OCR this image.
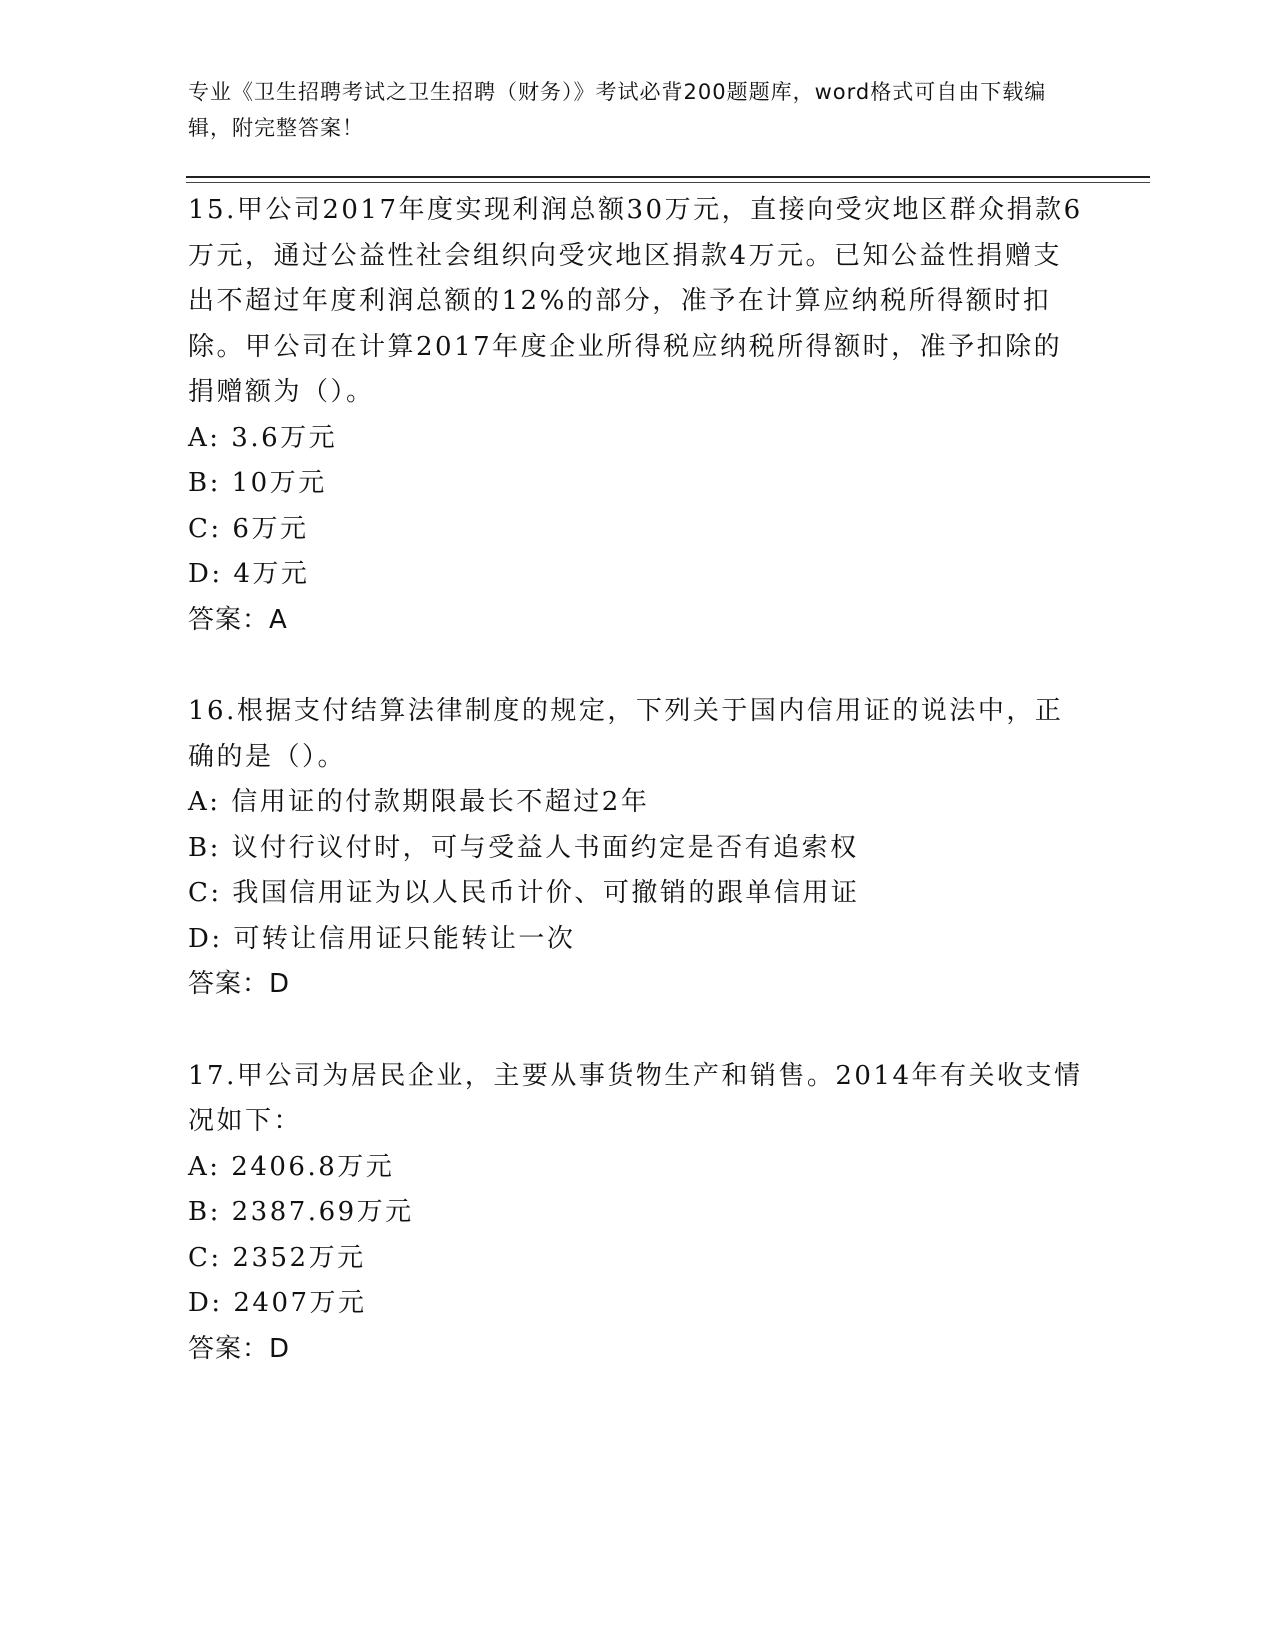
专业《卫生招聘考试之卫生招聘（财务）》考试必背200题题库，word格式可自由下载编辑，附完整答案！

15.甲公司2017年度实现利润总额30万元，直接向受灾地区群众捐款6万元，通过公益性社会组织向受灾地区捐款4万元。已知公益性捐赠支出不超过年度利润总额的12%的部分，准予在计算应纳税所得额时扣除。甲公司在计算2017年度企业所得税应纳税所得额时，准予扣除的捐赠额为（）。

A: 3.6万元

B: 10万元

C: 6万元

D: 4万元

答案：A

16.根据支付结算法律制度的规定，下列关于国内信用证的说法中，正确的是（）。

A: 信用证的付款期限最长不超过2年

B: 议付行议付时，可与受益人书面约定是否有追索权

C: 我国信用证为以人民币计价、可撤销的跟单信用证

D: 可转让信用证只能转让一次

答案：D

17.甲公司为居民企业，主要从事货物生产和销售。2014年有关收支情况如下：

A: 2406.8万元

B: 2387.69万元

C: 2352万元

D: 2407万元

答案：D
